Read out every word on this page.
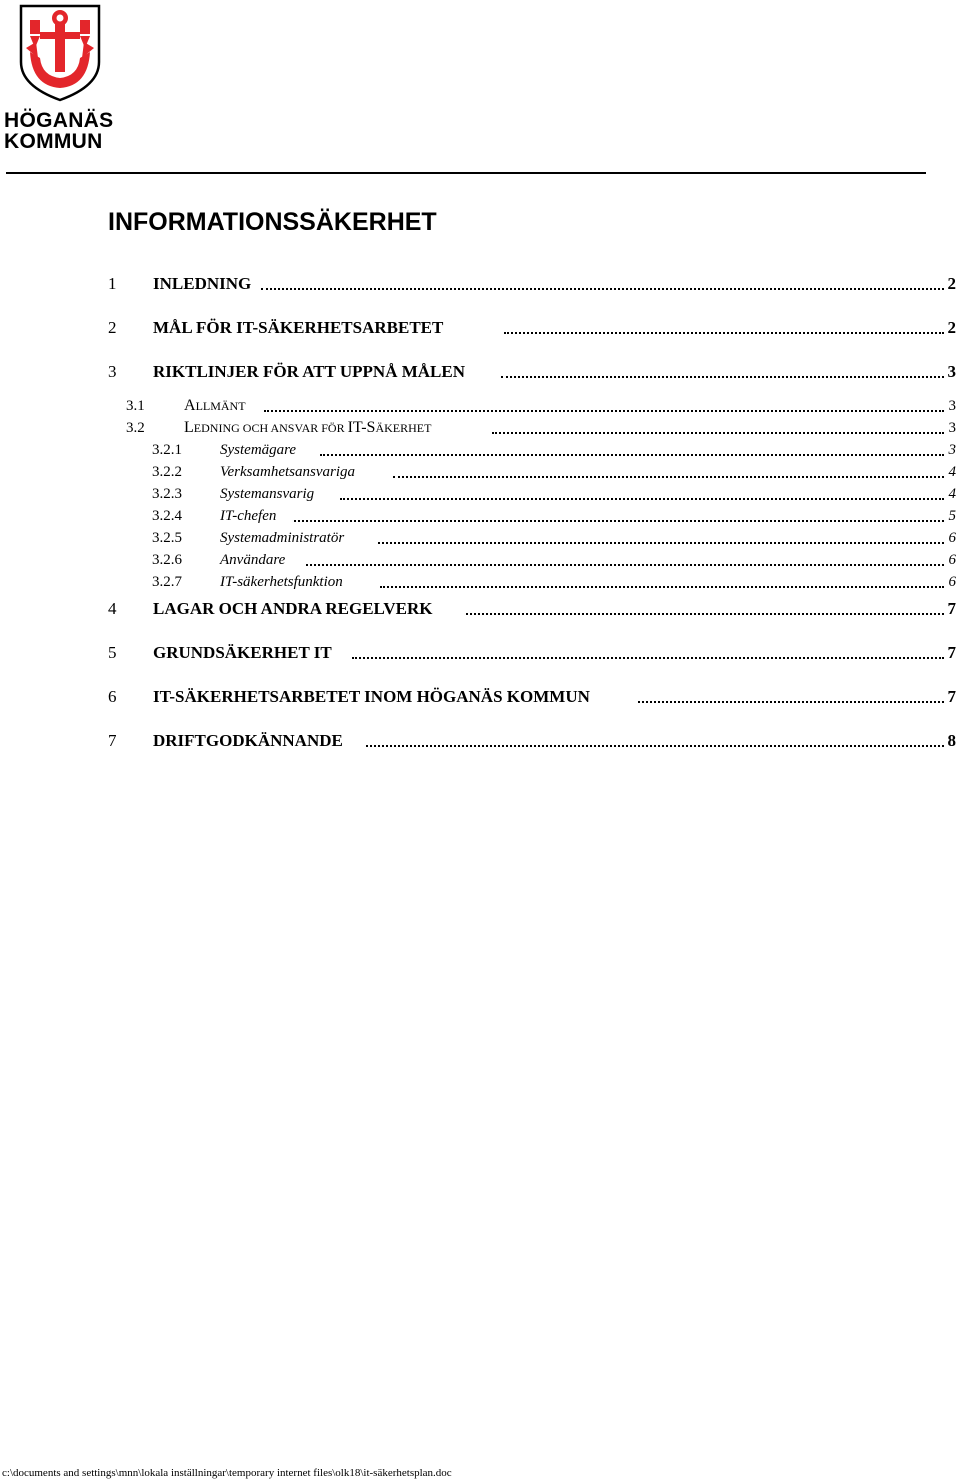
HÖGANÄS
KOMMUN
INFORMATIONSSÄKERHET
1 INLEDNING	2
2 MÅL FÖR IT-SÄKERHETSARBETET	2
3 RIKTLINJER FÖR ATT UPPNÅ MÅLEN	3
3.1 ALLMÄNT	3
3.2 LEDNING OCH ANSVAR FÖR IT-SÄKERHET	3
3.2.1	Systemägare	3
3.2.2	Verksamhetsansvariga	4
3.2.3	Systemansvarig	4
3.2.4	IT-chefen	5
3.2.5	Systemadministratör	6
3.2.6	Användare	6
3.2.7	IT-säkerhetsfunktion	6
4 LAGAR OCH ANDRA REGELVERK	7
5 GRUNDSÄKERHET IT	7
6 IT-SÄKERHETSARBETET INOM HÖGANÄS KOMMUN	7
7 DRIFTGODKÄNNANDE	8
c:\documents and settings\mnn\lokala inställningar\temporary internet files\olk18\it-säkerhetsplan.doc
